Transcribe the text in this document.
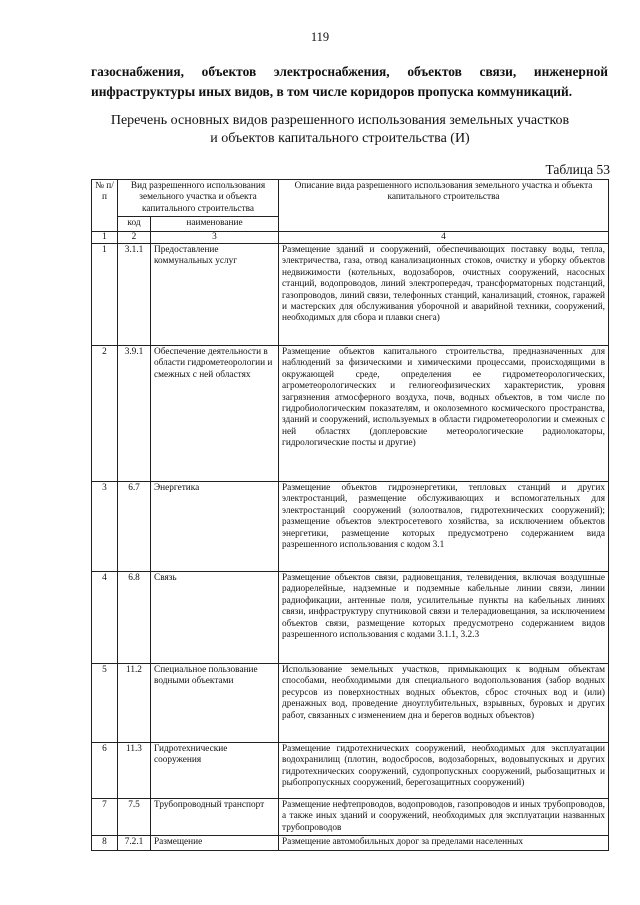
119
газоснабжения, объектов электроснабжения, объектов связи, инженерной инфраструктуры иных видов, в том числе коридоров пропуска коммуникаций.
Перечень основных видов разрешенного использования земельных участков
и объектов капитального строительства (И)
Таблица 53
№ п/п	Вид разрешенного использования земельного участка и объекта капитального строительства		Описание вида разрешенного использования земельного участка и объекта капитального строительства
	код	наименование	
1	2	3	4
1	3.1.1	Предоставление коммунальных услуг	Размещение зданий и сооружений, обеспечивающих поставку воды, тепла, электричества, газа, отвод канализационных стоков, очистку и уборку объектов недвижимости (котельных, водозаборов, очистных сооружений, насосных станций, водопроводов, линий электропередач, трансформаторных подстанций, газопроводов, линий связи, телефонных станций, канализаций, стоянок, гаражей и мастерских для обслуживания уборочной и аварийной техники, сооружений, необходимых для сбора и плавки снега)
2	3.9.1	Обеспечение деятельности в области гидрометеорологии и смежных с ней областях	Размещение объектов капитального строительства, предназначенных для наблюдений за физическими и химическими процессами, происходящими в окружающей среде, определения ее гидрометеорологических, агрометеорологических и гелиогеофизических характеристик, уровня загрязнения атмосферного воздуха, почв, водных объектов, в том числе по гидробиологическим показателям, и околоземного космического пространства, зданий и сооружений, используемых в области гидрометеорологии и смежных с ней областях (доплеровские метеорологические радиолокаторы, гидрологические посты и другие)
3	6.7	Энергетика	Размещение объектов гидроэнергетики, тепловых станций и других электростанций, размещение обслуживающих и вспомогательных для электростанций сооружений (золоотвалов, гидротехнических сооружений); размещение объектов электросетевого хозяйства, за исключением объектов энергетики, размещение которых предусмотрено содержанием вида разрешенного использования с кодом 3.1
4	6.8	Связь	Размещение объектов связи, радиовещания, телевидения, включая воздушные радиорелейные, надземные и подземные кабельные линии связи, линии радиофикации, антенные поля, усилительные пункты на кабельных линиях связи, инфраструктуру спутниковой связи и телерадиовещания, за исключением объектов связи, размещение которых предусмотрено содержанием видов разрешенного использования с кодами 3.1.1, 3.2.3
5	11.2	Специальное пользование водными объектами	Использование земельных участков, примыкающих к водным объектам способами, необходимыми для специального водопользования (забор водных ресурсов из поверхностных водных объектов, сброс сточных вод и (или) дренажных вод, проведение дноуглубительных, взрывных, буровых и других работ, связанных с изменением дна и берегов водных объектов)
6	11.3	Гидротехнические сооружения	Размещение гидротехнических сооружений, необходимых для эксплуатации водохранилищ (плотин, водосбросов, водозаборных, водовыпускных и других гидротехнических сооружений, судопропускных сооружений, рыбозащитных и рыбопропускных сооружений, берегозащитных сооружений)
7	7.5	Трубопроводный транспорт	Размещение нефтепроводов, водопроводов, газопроводов и иных трубопроводов, а также иных зданий и сооружений, необходимых для эксплуатации названных трубопроводов
8	7.2.1	Размещение	Размещение автомобильных дорог за пределами населенных
